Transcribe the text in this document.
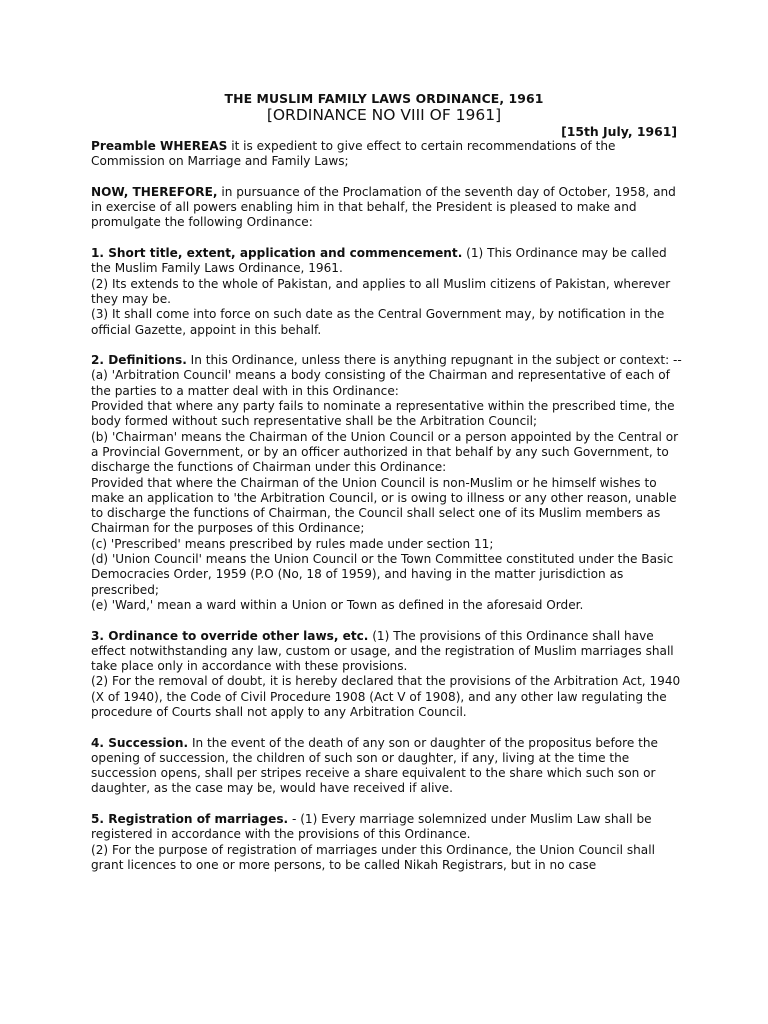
THE MUSLIM FAMILY LAWS ORDINANCE, 1961
[ORDINANCE NO VIII OF 1961]
[15th July, 1961]

Preamble WHEREAS it is expedient to give effect to certain recommendations of the Commission on Marriage and Family Laws;

NOW, THEREFORE, in pursuance of the Proclamation of the seventh day of October, 1958, and in exercise of all powers enabling him in that behalf, the President is pleased to make and promulgate the following Ordinance:

1. Short title, extent, application and commencement. (1) This Ordinance may be called the Muslim Family Laws Ordinance, 1961.

(2) Its extends to the whole of Pakistan, and applies to all Muslim citizens of Pakistan, wherever they may be.

(3) It shall come into force on such date as the Central Government may, by notification in the official Gazette, appoint in this behalf.

2. Definitions. In this Ordinance, unless there is anything repugnant in the subject or context: --

(a) 'Arbitration Council' means a body consisting of the Chairman and representative of each of the parties to a matter deal with in this Ordinance:

Provided that where any party fails to nominate a representative within the prescribed time, the body formed without such representative shall be the Arbitration Council;

(b) 'Chairman' means the Chairman of the Union Council or a person appointed by the Central or a Provincial Government, or by an officer authorized in that behalf by any such Government, to discharge the functions of Chairman under this Ordinance:

Provided that where the Chairman of the Union Council is non-Muslim or he himself wishes to make an application to 'the Arbitration Council, or is owing to illness or any other reason, unable to discharge the functions of Chairman, the Council shall select one of its Muslim members as Chairman for the purposes of this Ordinance;

(c) 'Prescribed' means prescribed by rules made under section 11;

(d) 'Union Council' means the Union Council or the Town Committee constituted under the Basic Democracies Order, 1959 (P.O (No, 18 of 1959), and having in the matter jurisdiction as prescribed;

(e) 'Ward,' mean a ward within a Union or Town as defined in the aforesaid Order.

3. Ordinance to override other laws, etc. (1) The provisions of this Ordinance shall have effect notwithstanding any law, custom or usage, and the registration of Muslim marriages shall take place only in accordance with these provisions.

(2) For the removal of doubt, it is hereby declared that the provisions of the Arbitration Act, 1940 (X of 1940), the Code of Civil Procedure 1908 (Act V of 1908), and any other law regulating the procedure of Courts shall not apply to any Arbitration Council.

4. Succession. In the event of the death of any son or daughter of the propositus before the opening of succession, the children of such son or daughter, if any, living at the time the succession opens, shall per stripes receive a share equivalent to the share which such son or daughter, as the case may be, would have received if alive.

5. Registration of marriages. - (1) Every marriage solemnized under Muslim Law shall be registered in accordance with the provisions of this Ordinance.

(2) For the purpose of registration of marriages under this Ordinance, the Union Council shall grant licences to one or more persons, to be called Nikah Registrars, but in no case
